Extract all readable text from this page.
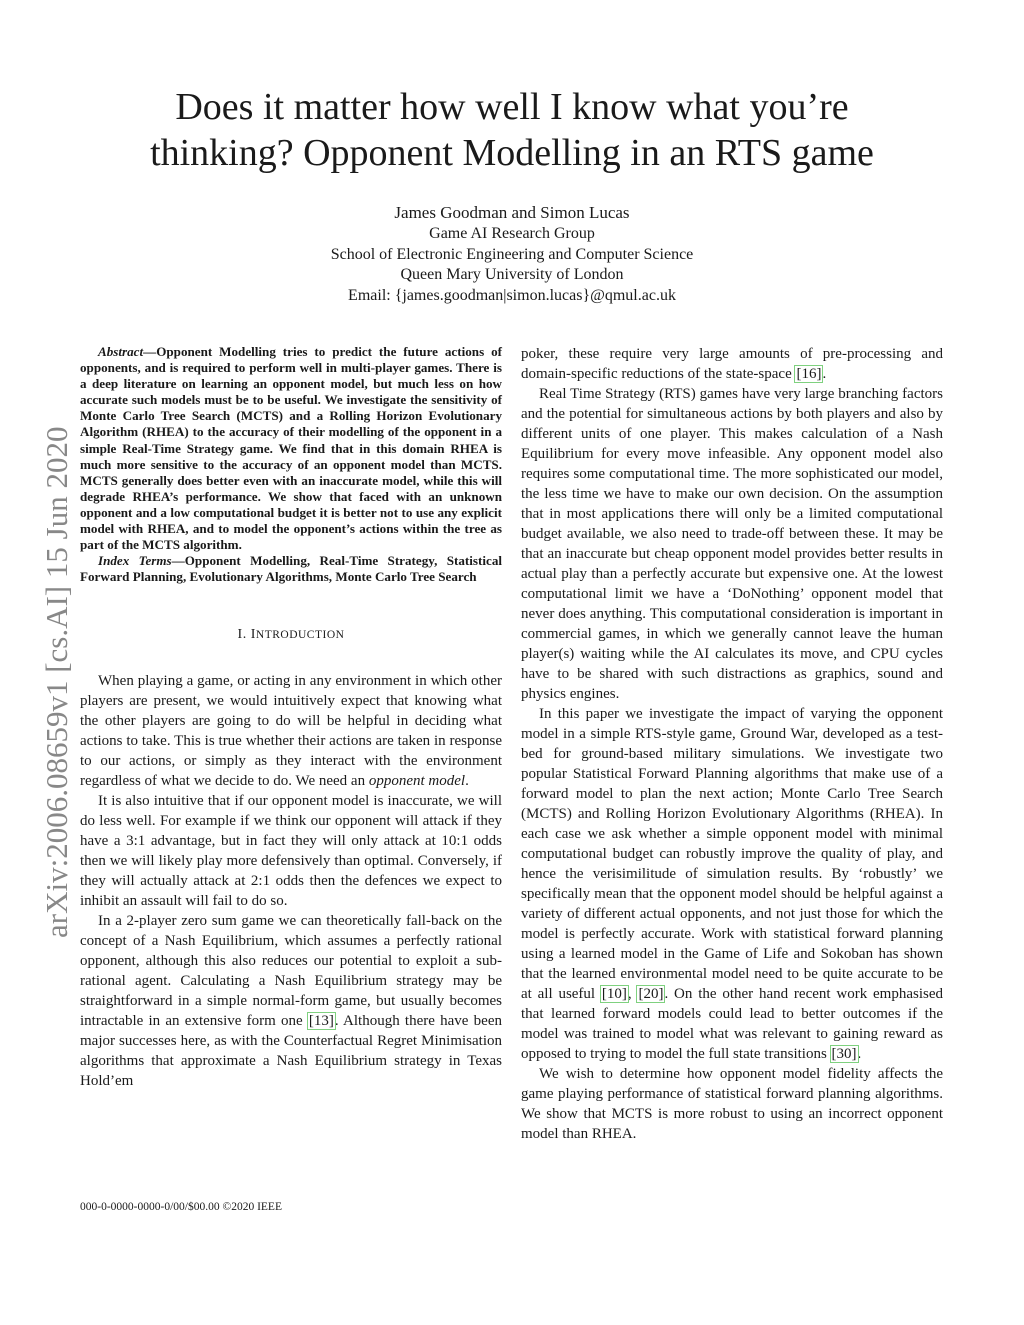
Does it matter how well I know what you’re
thinking? Opponent Modelling in an RTS game
James Goodman and Simon Lucas
Game AI Research Group
School of Electronic Engineering and Computer Science
Queen Mary University of London
Email: {james.goodman|simon.lucas}@qmul.ac.uk
arXiv:2006.08659v1 [cs.AI] 15 Jun 2020

Abstract—Opponent Modelling tries to predict the future actions of opponents, and is required to perform well in multi-player games. There is a deep literature on learning an opponent model, but much less on how accurate such models must be to be useful. We investigate the sensitivity of Monte Carlo Tree Search (MCTS) and a Rolling Horizon Evolutionary Algorithm (RHEA) to the accuracy of their modelling of the opponent in a simple Real-Time Strategy game. We find that in this domain RHEA is much more sensitive to the accuracy of an opponent model than MCTS. MCTS generally does better even with an inaccurate model, while this will degrade RHEA’s performance. We show that faced with an unknown opponent and a low computational budget it is better not to use any explicit model with RHEA, and to model the opponent’s actions within the tree as part of the MCTS algorithm.

Index Terms—Opponent Modelling, Real-Time Strategy, Statistical Forward Planning, Evolutionary Algorithms, Monte Carlo Tree Search

I. INTRODUCTION

When playing a game, or acting in any environment in which other players are present, we would intuitively expect that knowing what the other players are going to do will be helpful in deciding what actions to take. This is true whether their actions are taken in response to our actions, or simply as they interact with the environment regardless of what we decide to do. We need an opponent model.

It is also intuitive that if our opponent model is inaccurate, we will do less well. For example if we think our opponent will attack if they have a 3:1 advantage, but in fact they will only attack at 10:1 odds then we will likely play more defensively than optimal. Conversely, if they will actually attack at 2:1 odds then the defences we expect to inhibit an assault will fail to do so.

In a 2-player zero sum game we can theoretically fall-back on the concept of a Nash Equilibrium, which assumes a perfectly rational opponent, although this also reduces our potential to exploit a sub-rational agent. Calculating a Nash Equilibrium strategy may be straightforward in a simple normal-form game, but usually becomes intractable in an extensive form one [13]. Although there have been major successes here, as with the Counterfactual Regret Minimisation algorithms that approximate a Nash Equilibrium strategy in Texas Hold’em

poker, these require very large amounts of pre-processing and domain-specific reductions of the state-space [16].

Real Time Strategy (RTS) games have very large branching factors and the potential for simultaneous actions by both players and also by different units of one player. This makes calculation of a Nash Equilibrium for every move infeasible. Any opponent model also requires some computational time. The more sophisticated our model, the less time we have to make our own decision. On the assumption that in most applications there will only be a limited computational budget available, we also need to trade-off between these. It may be that an inaccurate but cheap opponent model provides better results in actual play than a perfectly accurate but expensive one. At the lowest computational limit we have a ‘DoNothing’ opponent model that never does anything. This computational consideration is important in commercial games, in which we generally cannot leave the human player(s) waiting while the AI calculates its move, and CPU cycles have to be shared with such distractions as graphics, sound and physics engines.

In this paper we investigate the impact of varying the opponent model in a simple RTS-style game, Ground War, developed as a test-bed for ground-based military simulations. We investigate two popular Statistical Forward Planning algorithms that make use of a forward model to plan the next action; Monte Carlo Tree Search (MCTS) and Rolling Horizon Evolutionary Algorithms (RHEA). In each case we ask whether a simple opponent model with minimal computational budget can robustly improve the quality of play, and hence the verisimilitude of simulation results. By ‘robustly’ we specifically mean that the opponent model should be helpful against a variety of different actual opponents, and not just those for which the model is perfectly accurate. Work with statistical forward planning using a learned model in the Game of Life and Sokoban has shown that the learned environmental model need to be quite accurate to be at all useful [10], [20]. On the other hand recent work emphasised that learned forward models could lead to better outcomes if the model was trained to model what was relevant to gaining reward as opposed to trying to model the full state transitions [30].

We wish to determine how opponent model fidelity affects the game playing performance of statistical forward planning algorithms. We show that MCTS is more robust to using an incorrect opponent model than RHEA.

000-0-0000-0000-0/00/$00.00 ©2020 IEEE
